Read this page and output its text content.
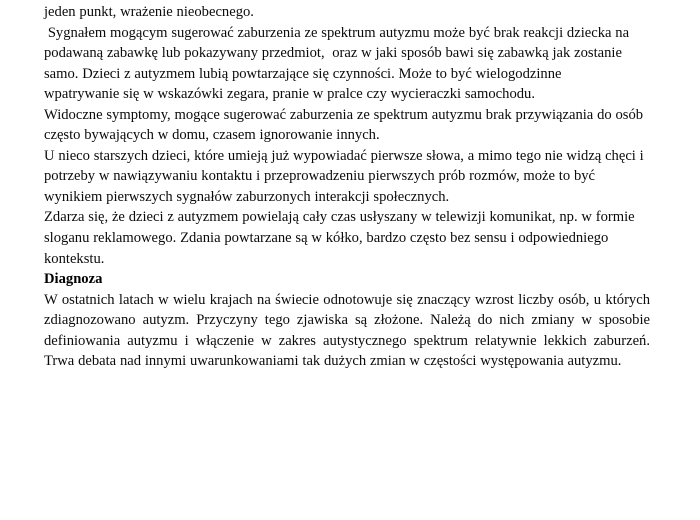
jeden punkt, wrażenie nieobecnego.

Sygnałem mogącym sugerować zaburzenia ze spektrum autyzmu może być brak reakcji dziecka na podawaną zabawkę lub pokazywany przedmiot,  oraz w jaki sposób bawi się zabawką jak zostanie samo. Dzieci z autyzmem lubią powtarzające się czynności. Może to być wielogodzinne

wpatrywanie się w wskazówki zegara, pranie w pralce czy wycieraczki samochodu.

Widoczne symptomy, mogące sugerować zaburzenia ze spektrum autyzmu brak przywiązania do osób często bywających w domu, czasem ignorowanie innych.

U nieco starszych dzieci, które umieją już wypowiadać pierwsze słowa, a mimo tego nie widzą chęci i potrzeby w nawiązywaniu kontaktu i przeprowadzeniu pierwszych prób rozmów, może to być wynikiem pierwszych sygnałów zaburzonych interakcji społecznych.

Zdarza się, że dzieci z autyzmem powielają cały czas usłyszany w telewizji komunikat, np. w formie sloganu reklamowego. Zdania powtarzane są w kółko, bardzo często bez sensu i odpowiedniego kontekstu.

Diagnoza

W ostatnich latach w wielu krajach na świecie odnotowuje się znaczący wzrost liczby osób, u których zdiagnozowano autyzm. Przyczyny tego zjawiska są złożone. Należą do nich zmiany w sposobie definiowania autyzmu i włączenie w zakres autystycznego spektrum relatywnie lekkich zaburzeń. Trwa debata nad innymi uwarunkowaniami tak dużych zmian w częstości występowania autyzmu.
